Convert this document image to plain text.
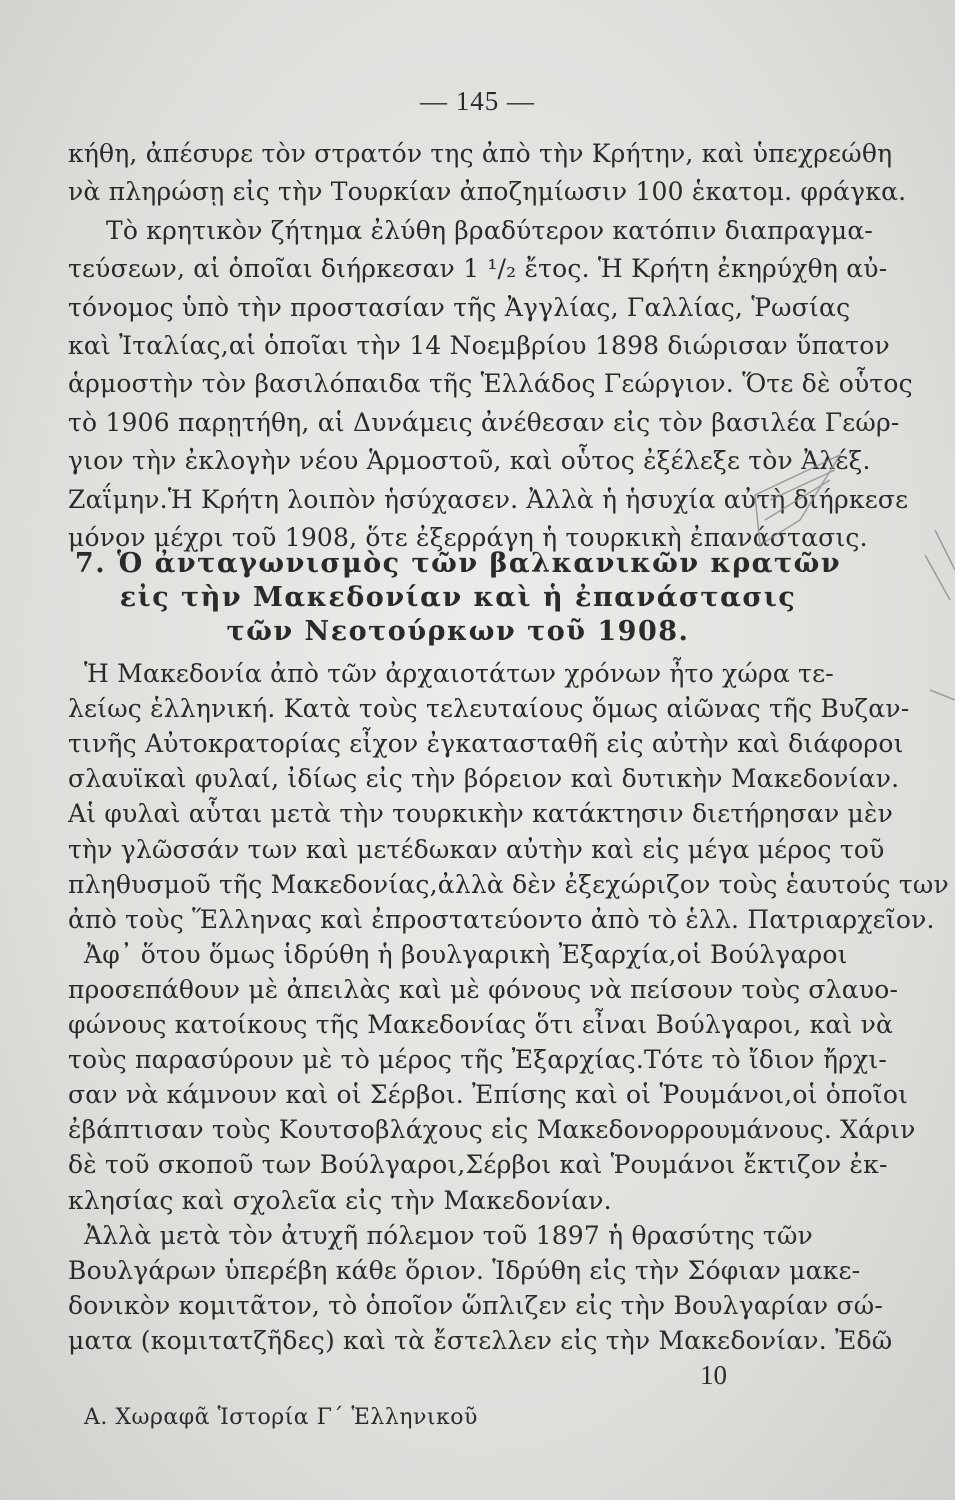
— 145 —
κήθη, ἀπέσυρε τὸν στρατόν της ἀπὸ τὴν Κρήτην, καὶ ὑπεχρεώθη
νὰ πληρώσῃ εἰς τὴν Τουρκίαν ἀποζημίωσιν 100 ἑκατομ. φράγκα.
Τὸ κρητικὸν ζήτημα ἐλύθη βραδύτερον κατόπιν διαπραγμα-
τεύσεων, αἱ ὁποῖαι διήρκεσαν 1 ¹/₂ ἔτος. Ἡ Κρήτη ἐκηρύχθη αὐ-
τόνομος ὑπὸ τὴν προστασίαν τῆς Ἀγγλίας, Γαλλίας, Ῥωσίας
καὶ Ἰταλίας,αἱ ὁποῖαι τὴν 14 Νοεμβρίου 1898 διώρισαν ὕπατον
ἁρμοστὴν τὸν βασιλόπαιδα τῆς Ἑλλάδος Γεώργιον. Ὅτε δὲ οὗτος
τὸ 1906 παρῃτήθη, αἱ Δυνάμεις ἀνέθεσαν εἰς τὸν βασιλέα Γεώρ-
γιον τὴν ἐκλογὴν νέου Ἁρμοστοῦ, καὶ οὗτος ἐξέλεξε τὸν Ἀλέξ.
Ζαΐμην.Ἡ Κρήτη λοιπὸν ἡσύχασεν. Ἀλλὰ ἡ ἡσυχία αὐτὴ διήρκεσε
μόνον μέχρι τοῦ 1908, ὅτε ἐξερράγη ἡ τουρκικὴ ἐπανάστασις.
7. Ὁ ἀνταγωνισμὸς τῶν βαλκανικῶν κρατῶν
εἰς τὴν Μακεδονίαν καὶ ἡ ἐπανάστασις
τῶν Νεοτούρκων τοῦ 1908.
Ἡ Μακεδονία ἀπὸ τῶν ἀρχαιοτάτων χρόνων ἦτο χώρα τε-
λείως ἑλληνική. Κατὰ τοὺς τελευταίους ὅμως αἰῶνας τῆς Βυζαν-
τινῆς Αὐτοκρατορίας εἶχον ἐγκατασταθῆ εἰς αὐτὴν καὶ διάφοροι
σλαυϊκαὶ φυλαί, ἰδίως εἰς τὴν βόρειον καὶ δυτικὴν Μακεδονίαν.
Αἱ φυλαὶ αὗται μετὰ τὴν τουρκικὴν κατάκτησιν διετήρησαν μὲν
τὴν γλῶσσάν των καὶ μετέδωκαν αὐτὴν καὶ εἰς μέγα μέρος τοῦ
πληθυσμοῦ τῆς Μακεδονίας,ἀλλὰ δὲν ἐξεχώριζον τοὺς ἑαυτούς των
ἀπὸ τοὺς Ἕλληνας καὶ ἐπροστατεύοντο ἀπὸ τὸ ἑλλ. Πατριαρχεῖον.
Ἀφ᾽ ὅτου ὅμως ἱδρύθη ἡ βουλγαρικὴ Ἐξαρχία,οἱ Βούλγαροι
προσεπάθουν μὲ ἀπειλὰς καὶ μὲ φόνους νὰ πείσουν τοὺς σλαυο-
φώνους κατοίκους τῆς Μακεδονίας ὅτι εἶναι Βούλγαροι, καὶ νὰ
τοὺς παρασύρουν μὲ τὸ μέρος τῆς Ἐξαρχίας.Τότε τὸ ἴδιον ἤρχι-
σαν νὰ κάμνουν καὶ οἱ Σέρβοι. Ἐπίσης καὶ οἱ Ῥουμάνοι,οἱ ὁποῖοι
ἐβάπτισαν τοὺς Κουτσοβλάχους εἰς Μακεδονορρουμάνους. Χάριν
δὲ τοῦ σκοποῦ των Βούλγαροι,Σέρβοι καὶ Ῥουμάνοι ἔκτιζον ἐκ-
κλησίας καὶ σχολεῖα εἰς τὴν Μακεδονίαν.
Ἀλλὰ μετὰ τὸν ἀτυχῆ πόλεμον τοῦ 1897 ἡ θρασύτης τῶν
Βουλγάρων ὑπερέβη κάθε ὅριον. Ἱδρύθη εἰς τὴν Σόφιαν μακε-
δονικὸν κομιτᾶτον, τὸ ὁποῖον ὥπλιζεν εἰς τὴν Βουλγαρίαν σώ-
ματα (κομιτατζῆδες) καὶ τὰ ἔστελλεν εἰς τὴν Μακεδονίαν. Ἐδῶ
10
Α. Χωραφᾶ Ἱστορία Γ´ Ἑλληνικοῦ
